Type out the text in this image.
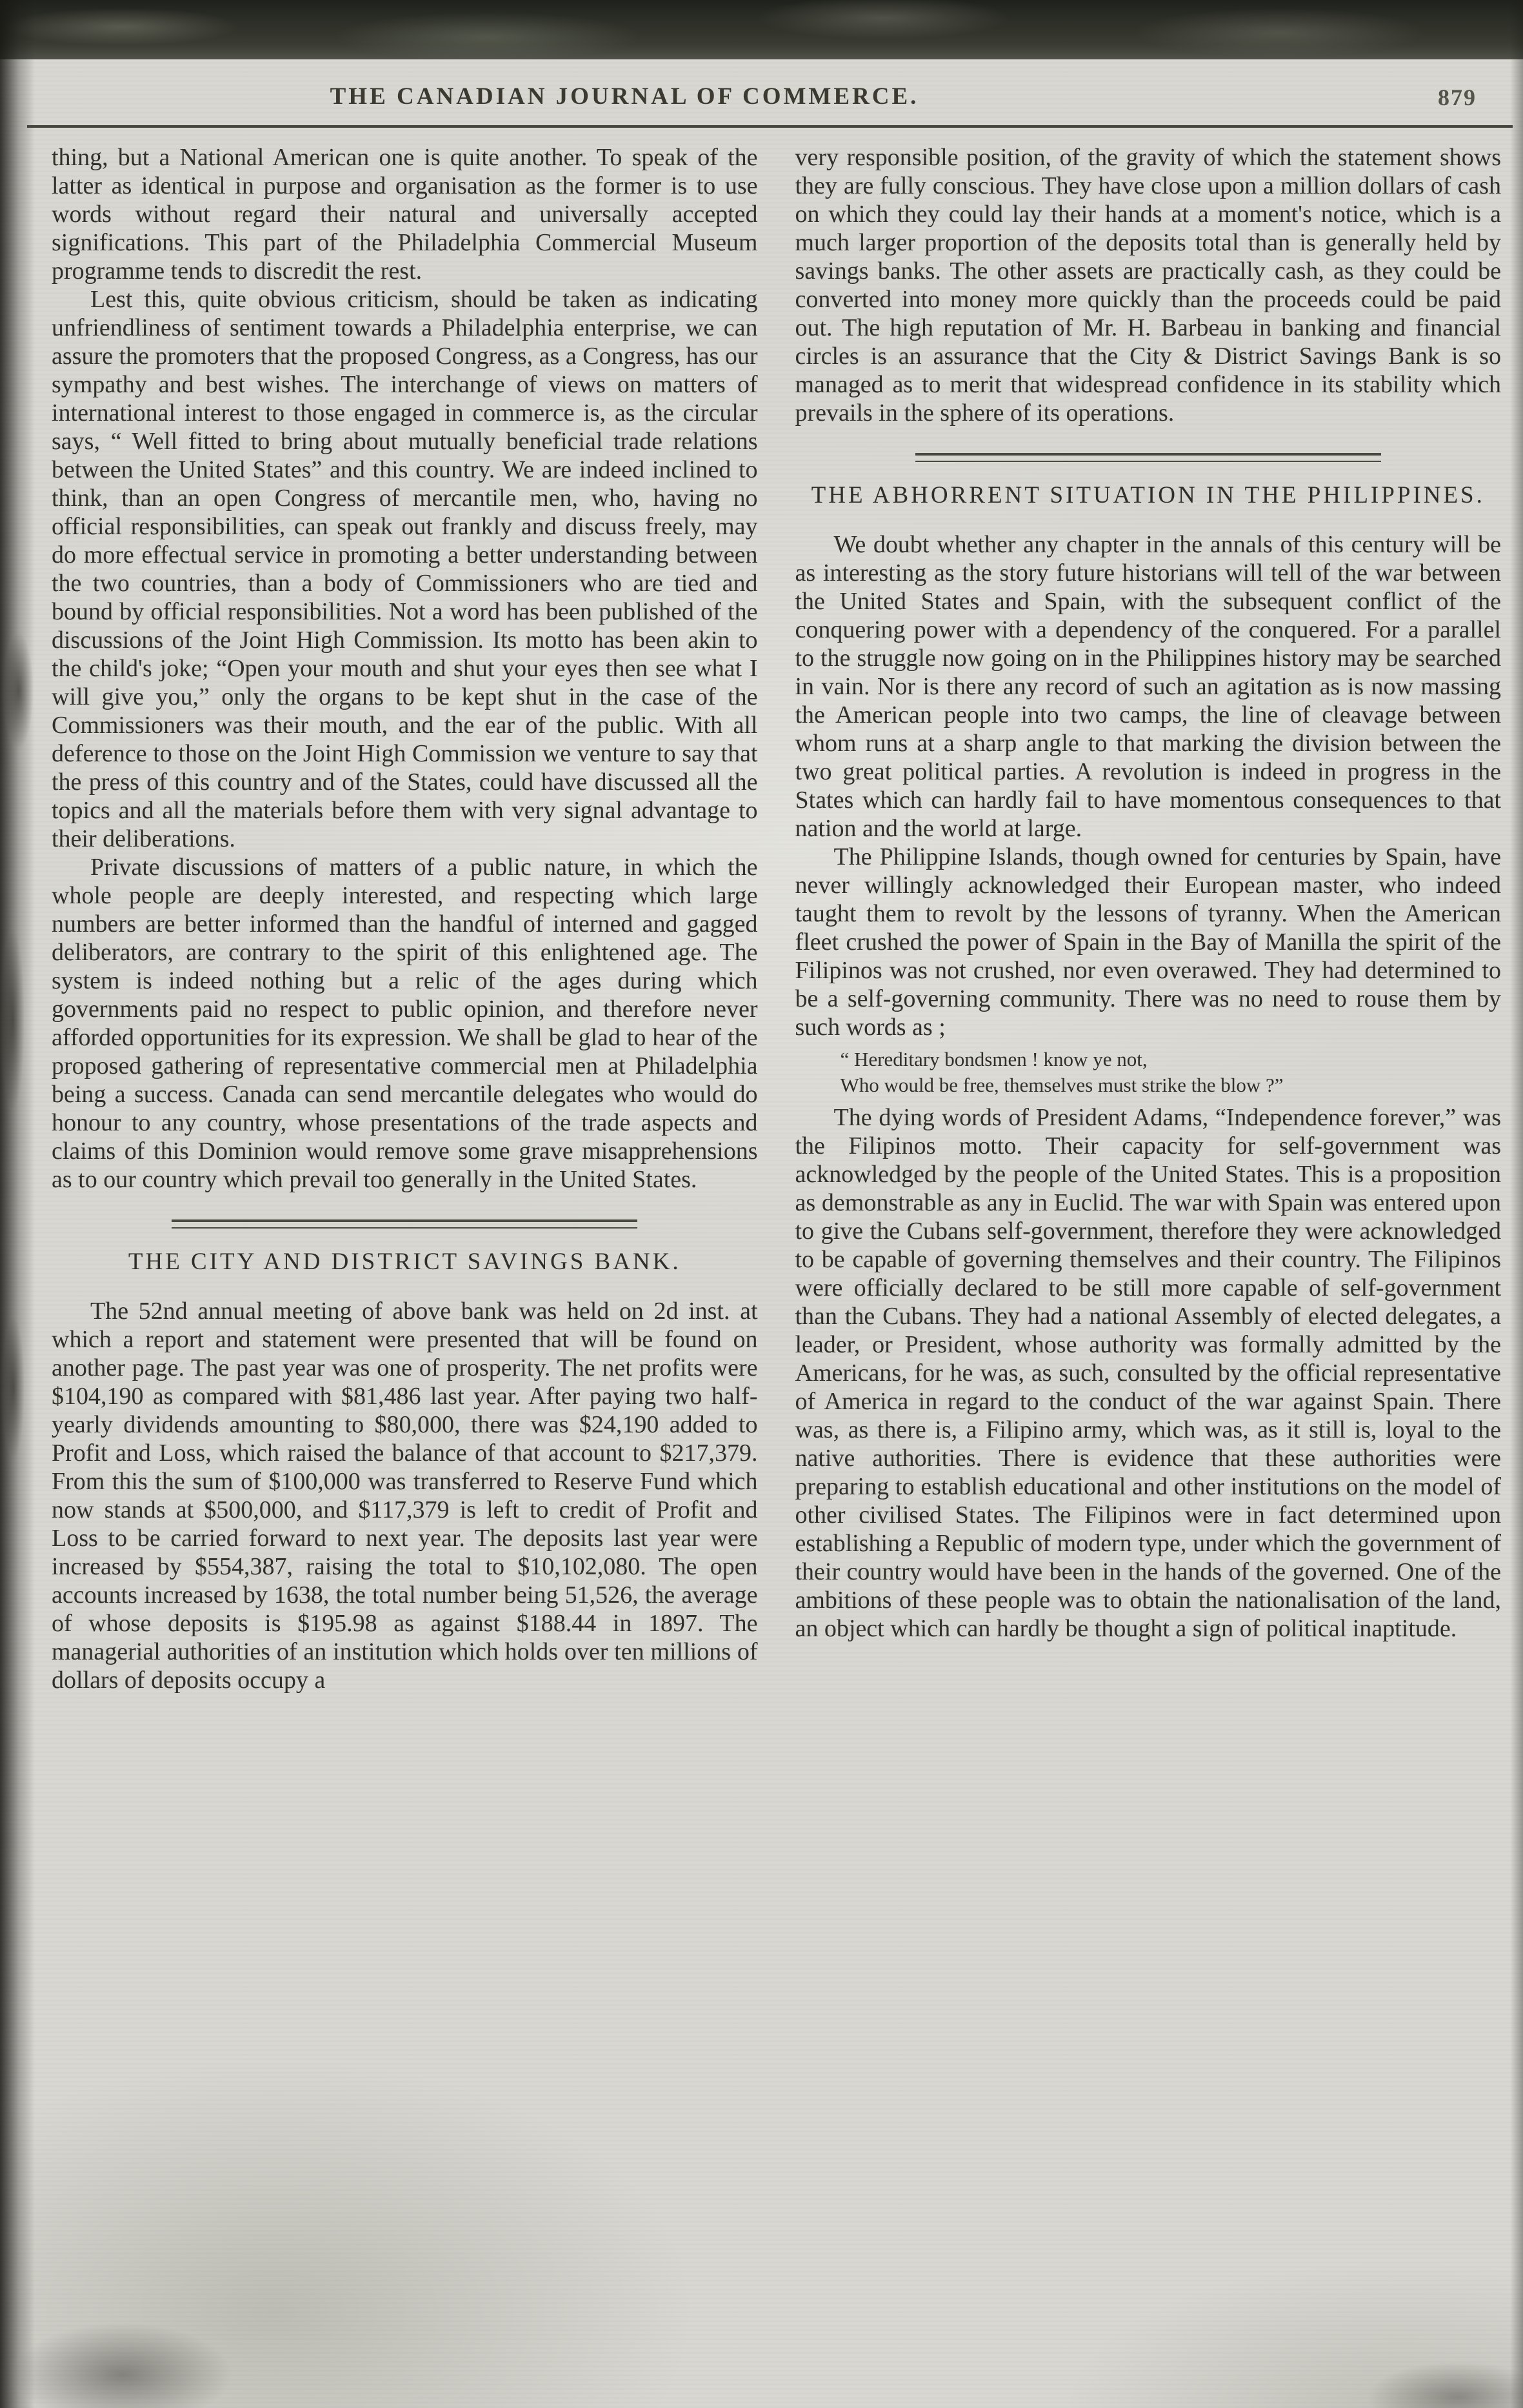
THE CANADIAN JOURNAL OF COMMERCE.	879

thing, but a National American one is quite another. To speak of the latter as identical in purpose and organisation as the former is to use words without regard their natural and universally accepted significations. This part of the Philadelphia Commercial Museum programme tends to discredit the rest.

Lest this, quite obvious criticism, should be taken as indicating unfriendliness of sentiment towards a Philadelphia enterprise, we can assure the promoters that the proposed Congress, as a Congress, has our sympathy and best wishes. The interchange of views on matters of international interest to those engaged in commerce is, as the circular says, “ Well fitted to bring about mutually beneficial trade relations between the United States” and this country. We are indeed inclined to think, than an open Congress of mercantile men, who, having no official responsibilities, can speak out frankly and discuss freely, may do more effectual service in promoting a better understanding between the two countries, than a body of Commissioners who are tied and bound by official responsibilities. Not a word has been published of the discussions of the Joint High Commission. Its motto has been akin to the child's joke; “Open your mouth and shut your eyes then see what I will give you,” only the organs to be kept shut in the case of the Commissioners was their mouth, and the ear of the public. With all deference to those on the Joint High Commission we venture to say that the press of this country and of the States, could have discussed all the topics and all the materials before them with very signal advantage to their deliberations.

Private discussions of matters of a public nature, in which the whole people are deeply interested, and respecting which large numbers are better informed than the handful of interned and gagged deliberators, are contrary to the spirit of this enlightened age. The system is indeed nothing but a relic of the ages during which governments paid no respect to public opinion, and therefore never afforded opportunities for its expression. We shall be glad to hear of the proposed gathering of representative commercial men at Philadelphia being a success. Canada can send mercantile delegates who would do honour to any country, whose presentations of the trade aspects and claims of this Dominion would remove some grave misapprehensions as to our country which prevail too generally in the United States.

THE CITY AND DISTRICT SAVINGS BANK.

The 52nd annual meeting of above bank was held on 2d inst. at which a report and statement were presented that will be found on another page. The past year was one of prosperity. The net profits were $104,190 as compared with $81,486 last year. After paying two half-yearly dividends amounting to $80,000, there was $24,190 added to Profit and Loss, which raised the balance of that account to $217,379. From this the sum of $100,000 was transferred to Reserve Fund which now stands at $500,000, and $117,379 is left to credit of Profit and Loss to be carried forward to next year. The deposits last year were increased by $554,387, raising the total to $10,102,080. The open accounts increased by 1638, the total number being 51,526, the average of whose deposits is $195.98 as against $188.44 in 1897. The managerial authorities of an institution which holds over ten millions of dollars of deposits occupy a

very responsible position, of the gravity of which the statement shows they are fully conscious. They have close upon a million dollars of cash on which they could lay their hands at a moment's notice, which is a much larger proportion of the deposits total than is generally held by savings banks. The other assets are practically cash, as they could be converted into money more quickly than the proceeds could be paid out. The high reputation of Mr. H. Barbeau in banking and financial circles is an assurance that the City & District Savings Bank is so managed as to merit that widespread confidence in its stability which prevails in the sphere of its operations.

THE ABHORRENT SITUATION IN THE PHILIPPINES.

We doubt whether any chapter in the annals of this century will be as interesting as the story future historians will tell of the war between the United States and Spain, with the subsequent conflict of the conquering power with a dependency of the conquered. For a parallel to the struggle now going on in the Philippines history may be searched in vain. Nor is there any record of such an agitation as is now massing the American people into two camps, the line of cleavage between whom runs at a sharp angle to that marking the division between the two great political parties. A revolution is indeed in progress in the States which can hardly fail to have momentous consequences to that nation and the world at large.

The Philippine Islands, though owned for centuries by Spain, have never willingly acknowledged their European master, who indeed taught them to revolt by the lessons of tyranny. When the American fleet crushed the power of Spain in the Bay of Manilla the spirit of the Filipinos was not crushed, nor even overawed. They had determined to be a self-governing community. There was no need to rouse them by such words as ;

“ Hereditary bondsmen ! know ye not,
Who would be free, themselves must strike the blow ?”

The dying words of President Adams, “Independence forever,” was the Filipinos motto. Their capacity for self-government was acknowledged by the people of the United States. This is a proposition as demonstrable as any in Euclid. The war with Spain was entered upon to give the Cubans self-government, therefore they were acknowledged to be capable of governing themselves and their country. The Filipinos were officially declared to be still more capable of self-government than the Cubans. They had a national Assembly of elected delegates, a leader, or President, whose authority was formally admitted by the Americans, for he was, as such, consulted by the official representative of America in regard to the conduct of the war against Spain. There was, as there is, a Filipino army, which was, as it still is, loyal to the native authorities. There is evidence that these authorities were preparing to establish educational and other institutions on the model of other civilised States. The Filipinos were in fact determined upon establishing a Republic of modern type, under which the government of their country would have been in the hands of the governed. One of the ambitions of these people was to obtain the nationalisation of the land, an object which can hardly be thought a sign of political inaptitude.
